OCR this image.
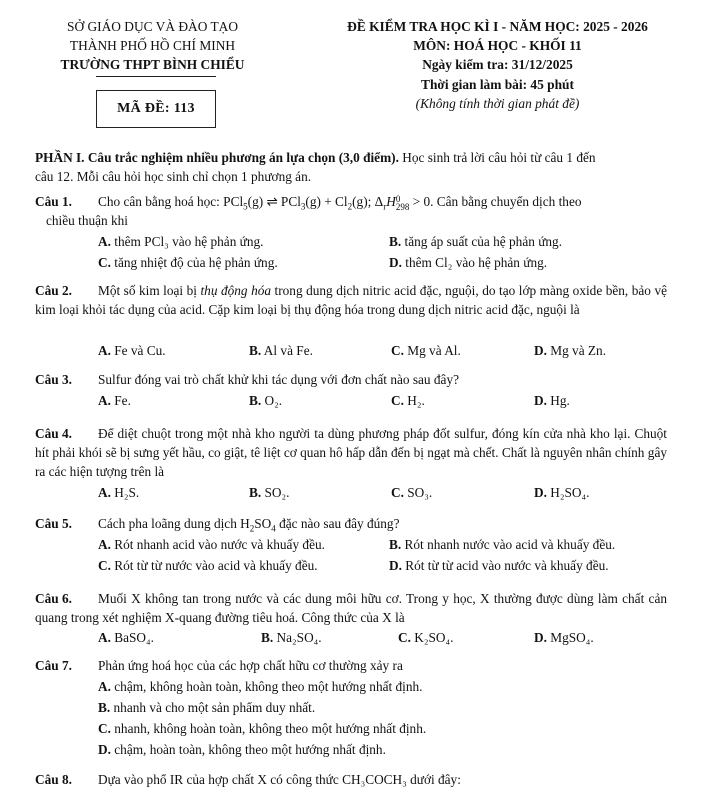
SỞ GIÁO DỤC VÀ ĐÀO TẠO
THÀNH PHỐ HỒ CHÍ MINH
TRƯỜNG THPT BÌNH CHIỂU
MÃ ĐỀ: 113
ĐỀ KIỂM TRA HỌC KÌ I - NĂM HỌC: 2025 - 2026
MÔN: HOÁ HỌC - KHỐI 11
Ngày kiểm tra: 31/12/2025
Thời gian làm bài: 45 phút
(Không tính thời gian phát đề)
PHẦN I. Câu trắc nghiệm nhiều phương án lựa chọn (3,0 điểm). Học sinh trả lời câu hỏi từ câu 1 đến
câu 12. Mỗi câu hỏi học sinh chỉ chọn 1 phương án.
Câu 1. Cho cân bằng hoá học: PCl$_5$(g) ⇌ $PCl_3(g) + Cl_2(g)$; $\Delta_rH$ 0
298 > 0. Cân bằng chuyển dịch theo
chiều thuận khi
A. thêm PCl₃ vào hệ phản ứng.	B. tăng áp suất của hệ phản ứng.
C. tăng nhiệt độ của hệ phản ứng.	D. thêm Cl₂ vào hệ phản ứng.
Câu 2. Một số kim loại bị thụ động hóa trong dung dịch nitric acid đặc, nguội, do tạo lớp màng oxide bền, bảo vệ kim loại khỏi tác dụng của acid. Cặp kim loại bị thụ động hóa trong dung dịch nitric acid đặc, nguội là
A. Fe và Cu.	B. Al và Fe.	C. Mg và Al.	D. Mg và Zn.
Câu 3. Sulfur đóng vai trò chất khử khi tác dụng với đơn chất nào sau đây?
A. Fe.	B. O₂.	C. H₂.	D. Hg.
Câu 4. Để diệt chuột trong một nhà kho người ta dùng phương pháp đốt sulfur, đóng kín cửa nhà kho lại. Chuột hít phải khói sẽ bị sưng yết hầu, co giật, tê liệt cơ quan hô hấp dẫn đến bị ngạt mà chết. Chất là nguyên nhân chính gây ra các hiện tượng trên là
A. H₂S.	B. SO₂.	C. SO₃.	D. H₂SO₄.
Câu 5. Cách pha loãng dung dịch $H_2SO_4$ đặc nào sau đây đúng?
A. Rót nhanh acid vào nước và khuấy đều.	B. Rót nhanh nước vào acid và khuấy đều.
C. Rót từ từ nước vào acid và khuấy đều.	D. Rót từ từ acid vào nước và khuấy đều.
Câu 6. Muối X không tan trong nước và các dung môi hữu cơ. Trong y học, X thường được dùng làm chất cản quang trong xét nghiệm X-quang đường tiêu hoá. Công thức của X là
A. BaSO₄.	B. Na₂SO₄.	C. K₂SO₄.	D. MgSO₄.
Câu 7. Phản ứng hoá học của các hợp chất hữu cơ thường xảy ra
A. chậm, không hoàn toàn, không theo một hướng nhất định.
B. nhanh và cho một sản phẩm duy nhất.
C. nhanh, không hoàn toàn, không theo một hướng nhất định.
D. chậm, hoàn toàn, không theo một hướng nhất định.
Câu 8. Dựa vào phổ IR của hợp chất X có công thức CH₃COCH₃ dưới đây:
